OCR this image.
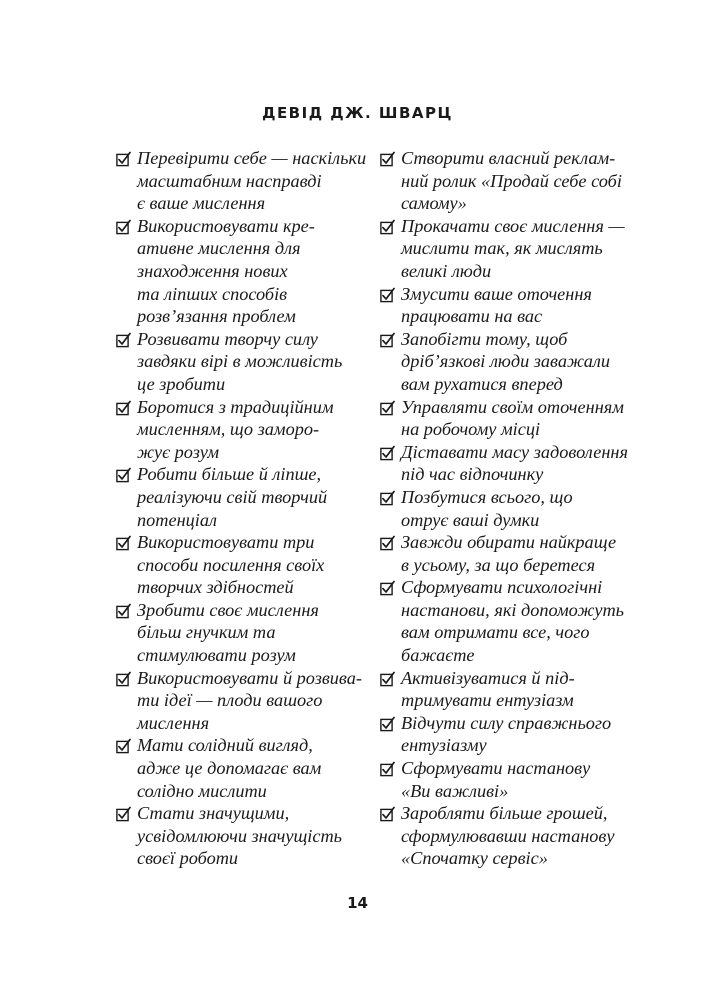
ДЕВІД ДЖ. ШВАРЦ
Перевірити себе — наскільки
масштабним насправді
є ваше мислення
Використовувати кре-
ативне мислення для
знаходження нових
та ліпших способів
розв’язання проблем
Розвивати творчу силу
завдяки вірі в можливість
це зробити
Боротися з традиційним
мисленням, що заморо-
жує розум
Робити більше й ліпше,
реалізуючи свій творчий
потенціал
Використовувати три
способи посилення своїх
творчих здібностей
Зробити своє мислення
більш гнучким та
стимулювати розум
Використовувати й розвива-
ти ідеї — плоди вашого
мислення
Мати солідний вигляд,
адже це допомагає вам
солідно мислити
Стати значущими,
усвідомлюючи значущість
своєї роботи
Створити власний реклам-
ний ролик «Продай себе собі
самому»
Прокачати своє мислення —
мислити так, як мислять
великі люди
Змусити ваше оточення
працювати на вас
Запобігти тому, щоб
дріб’язкові люди заважали
вам рухатися вперед
Управляти своїм оточенням
на робочому місці
Діставати масу задоволення
під час відпочинку
Позбутися всього, що
отрує ваші думки
Завжди обирати найкраще
в усьому, за що беретеся
Сформувати психологічні
настанови, які допоможуть
вам отримати все, чого
бажаєте
Активізуватися й під-
тримувати ентузіазм
Відчути силу справжнього
ентузіазму
Сформувати настанову
«Ви важливі»
Заробляти більше грошей,
сформулювавши настанову
«Спочатку сервіс»
14
